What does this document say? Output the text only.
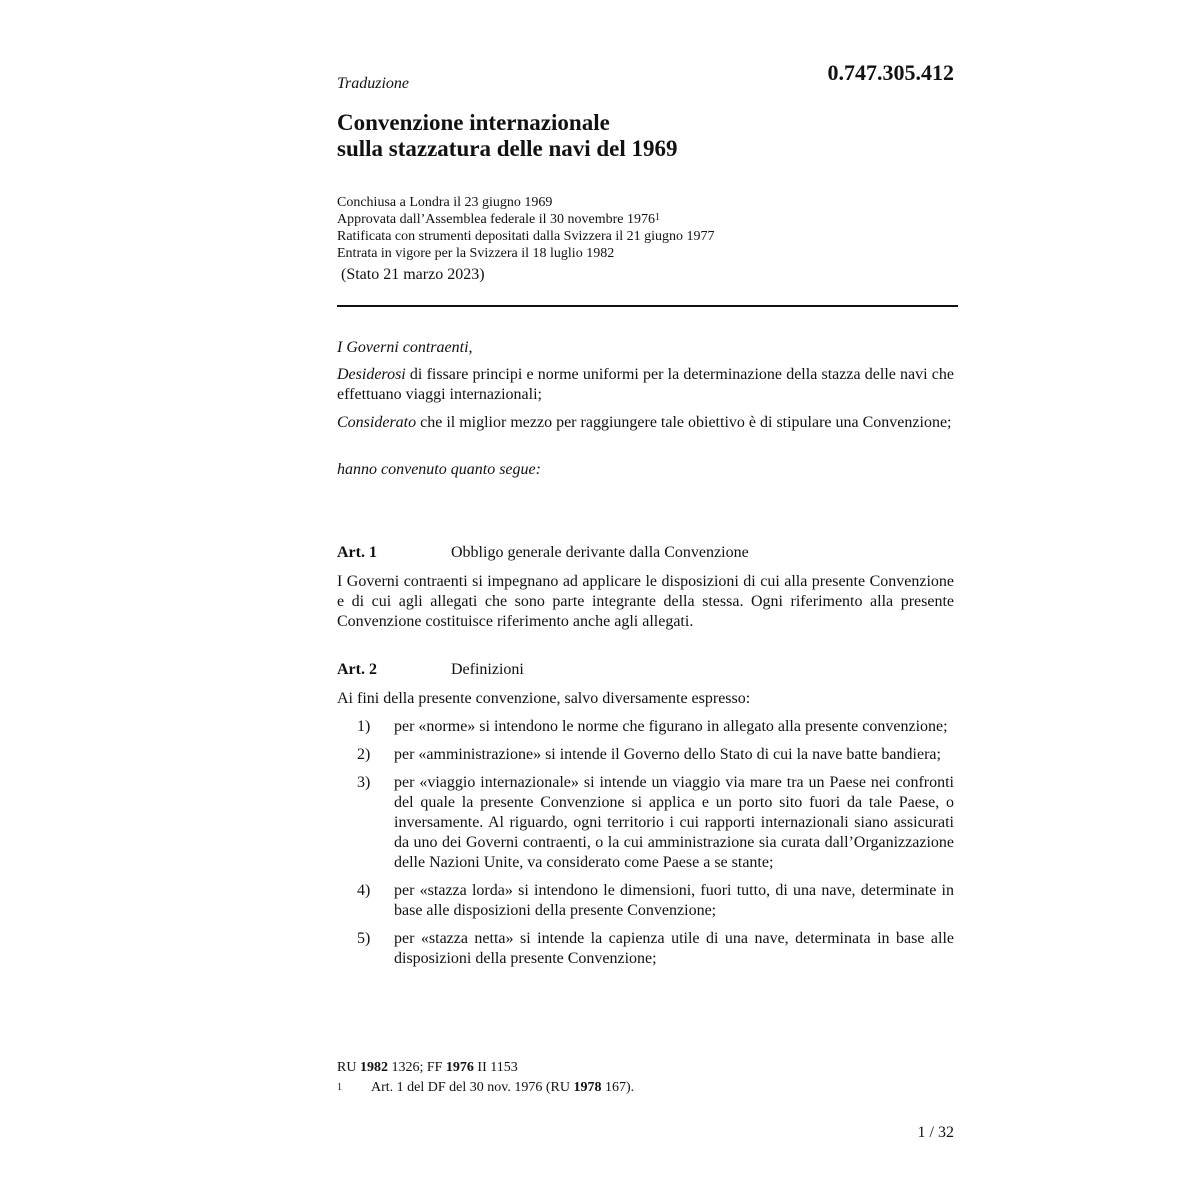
Traduzione	0.747.305.412
Convenzione internazionale
sulla stazzatura delle navi del 1969
Conchiusa a Londra il 23 giugno 1969
Approvata dall’Assemblea federale il 30 novembre 1976$^1$
Ratificata con strumenti depositati dalla Svizzera il 21 giugno 1977
Entrata in vigore per la Svizzera il 18 luglio 1982
(Stato 21 marzo 2023)
I Governi contraenti,
Desiderosi di fissare principi e norme uniformi per la determinazione della stazza delle navi che effettuano viaggi internazionali;
Considerato che il miglior mezzo per raggiungere tale obiettivo è di stipulare una Convenzione;
hanno convenuto quanto segue:
Art. 1	Obbligo generale derivante dalla Convenzione
I Governi contraenti si impegnano ad applicare le disposizioni di cui alla presente Convenzione e di cui agli allegati che sono parte integrante della stessa. Ogni riferimento alla presente Convenzione costituisce riferimento anche agli allegati.
Art. 2	Definizioni
Ai fini della presente convenzione, salvo diversamente espresso:
1)	per «norme» si intendono le norme che figurano in allegato alla presente convenzione;
2)	per «amministrazione» si intende il Governo dello Stato di cui la nave batte bandiera;
3)	per «viaggio internazionale» si intende un viaggio via mare tra un Paese nei confronti del quale la presente Convenzione si applica e un porto sito fuori da tale Paese, o inversamente. Al riguardo, ogni territorio i cui rapporti internazionali siano assicurati da uno dei Governi contraenti, o la cui amministrazione sia curata dall’Organizzazione delle Nazioni Unite, va considerato come Paese a se stante;
4)	per «stazza lorda» si intendono le dimensioni, fuori tutto, di una nave, determinate in base alle disposizioni della presente Convenzione;
5)	per «stazza netta» si intende la capienza utile di una nave, determinata in base alle disposizioni della presente Convenzione;
RU 1982 1326; FF 1976 II 1153
1	Art. 1 del DF del 30 nov. 1976 (RU 1978 167).
1 / 32
